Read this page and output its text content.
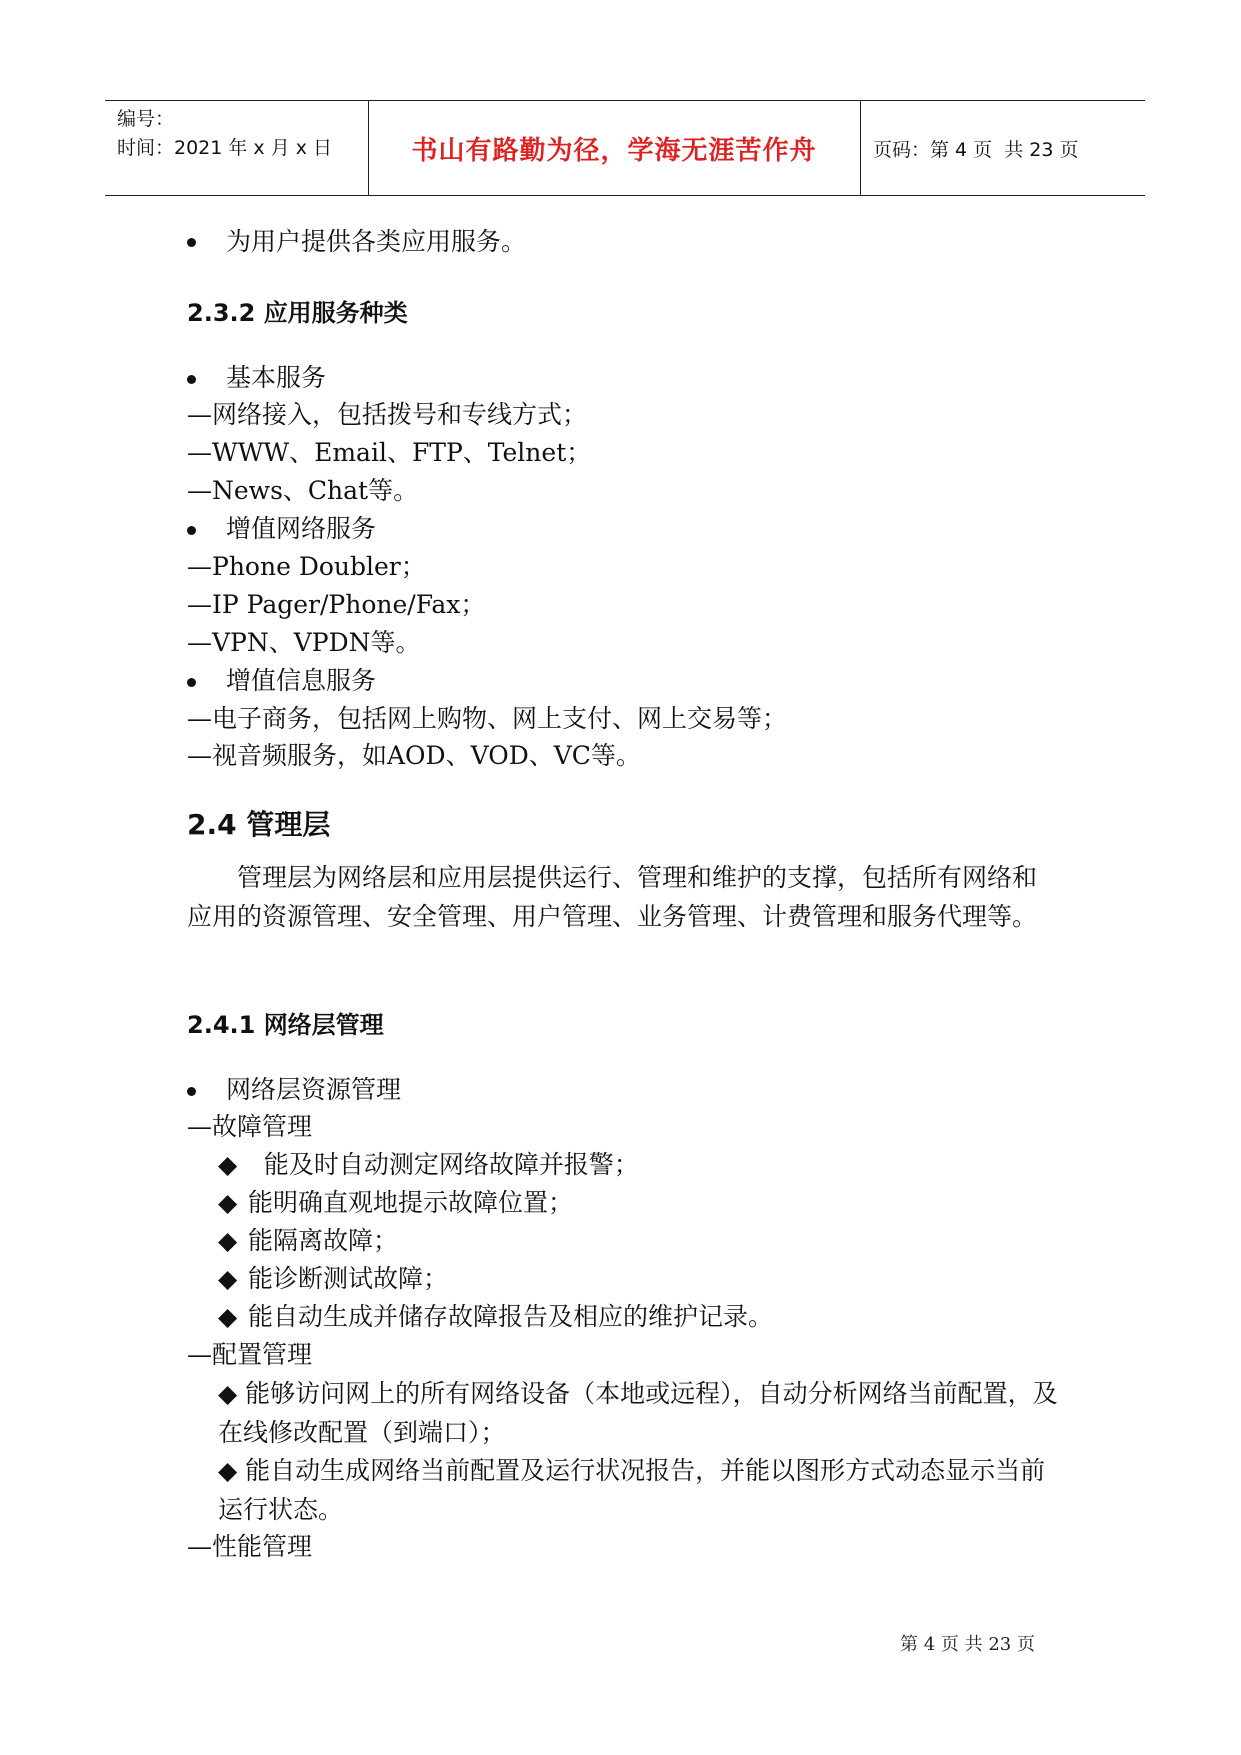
编号：
时间：2021 年 x 月 x 日	书山有路勤为径，学海无涯苦作舟	页码：第 4 页  共 23 页
为用户提供各类应用服务。
2.3.2 应用服务种类
基本服务
—网络接入，包括拨号和专线方式；
—WWW、Email、FTP、Telnet；
—News、Chat等。
增值网络服务
—Phone Doubler；
—IP Pager/Phone/Fax；
—VPN、VPDN等。
增值信息服务
—电子商务，包括网上购物、网上支付、网上交易等；
—视音频服务，如AOD、VOD、VC等。
2.4 管理层
　　管理层为网络层和应用层提供运行、管理和维护的支撑，包括所有网络和应用的资源管理、安全管理、用户管理、业务管理、计费管理和服务代理等。
2.4.1 网络层管理
网络层资源管理
—故障管理
◆  能及时自动测定网络故障并报警；
◆ 能明确直观地提示故障位置；
◆ 能隔离故障；
◆ 能诊断测试故障；
◆ 能自动生成并储存故障报告及相应的维护记录。
—配置管理
◆ 能够访问网上的所有网络设备（本地或远程），自动分析网络当前配置，及在线修改配置（到端口）；
◆ 能自动生成网络当前配置及运行状况报告，并能以图形方式动态显示当前运行状态。
—性能管理
第 4 页 共 23 页
